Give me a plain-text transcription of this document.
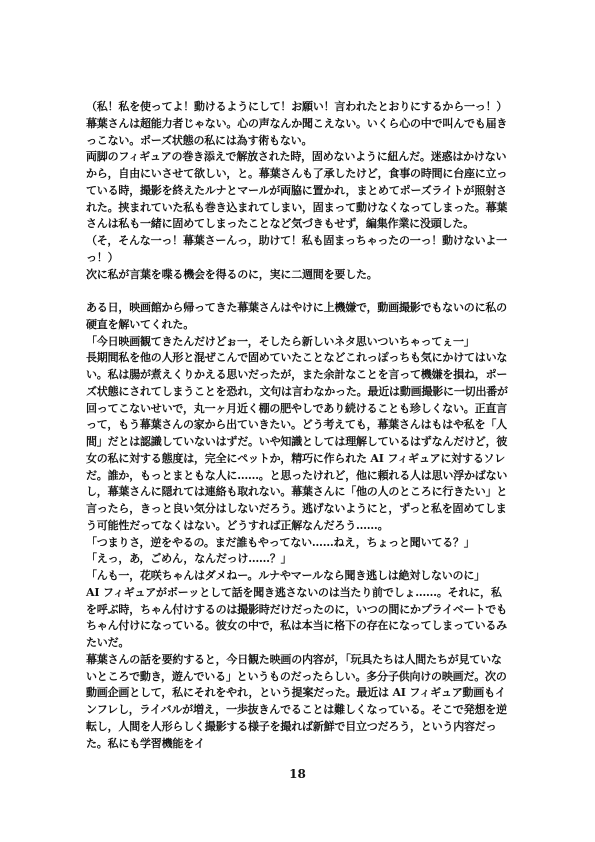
（私！私を使ってよ！動けるようにして！お願い！言われたとおりにするから一っ！）

幕葉さんは超能力者じゃない。心の声なんか聞こえない。いくら心の中で叫んでも届きっこない。ポーズ状態の私には為す術もない。

両脚のフィギュアの巻き添えで解放された時，固めないように紐んだ。迷惑はかけないから，自由にいさせて欲しい，と。幕葉さんも了承したけど，食事の時間に台座に立っている時，撮影を終えたルナとマールが両脇に置かれ，まとめてポーズライトが照射された。挟まれていた私も巻き込まれてしまい，固まって動けなくなってしまった。幕葉さんは私も一緒に固めてしまったことなど気づきもせず，編集作業に没頭した。

（そ，そんな一っ！幕葉さーんっ，助けて！私も固まっちゃったの一っ！動けないよ一っ！）

次に私が言葉を喋る機会を得るのに，実に二週間を要した。

ある日，映画館から帰ってきた幕葉さんはやけに上機嫌で，動画撮影でもないのに私の硬直を解いてくれた。

「今日映画観てきたんだけどぉ一，そしたら新しいネタ思いついちゃってぇ一」

長期間私を他の人形と混ぜこんで固めていたことなどこれっぽっちも気にかけてはいない。私は腸が煮えくりかえる思いだったが，また余計なことを言って機嫌を損ね，ポーズ状態にされてしまうことを恐れ，文句は言わなかった。最近は動画撮影に一切出番が回ってこないせいで，丸一ヶ月近く棚の肥やしであり続けることも珍しくない。正直言って，もう幕葉さんの家から出ていきたい。どう考えても，幕葉さんはもはや私を「人間」だとは認識していないはずだ。いや知識としては理解しているはずなんだけど，彼女の私に対する態度は，完全にペットか，精巧に作られた AI フィギュアに対するソレだ。誰か，もっとまともな人に……。と思ったけれど，他に頼れる人は思い浮かばないし，幕葉さんに隠れては連絡も取れない。幕葉さんに「他の人のところに行きたい」と言ったら，きっと良い気分はしないだろう。逃げないようにと，ずっと私を固めてしまう可能性だってなくはない。どうすれば正解なんだろう……。

「つまりさ，逆をやるの。まだ誰もやってない……ねえ，ちょっと聞いてる？」

「えっ，あ，ごめん，なんだっけ……？」

「んも一，花咲ちゃんはダメねー。ルナやマールなら聞き逃しは絶対しないのに」

AI フィギュアがボーッとして話を聞き逃さないのは当たり前でしょ……。それに，私を呼ぶ時，ちゃん付けするのは撮影時だけだったのに，いつの間にかプライベートでもちゃん付けになっている。彼女の中で，私は本当に格下の存在になってしまっているみたいだ。

幕葉さんの話を要約すると，今日観た映画の内容が，「玩具たちは人間たちが見ていないところで動き，遊んでいる」というものだったらしい。多分子供向けの映画だ。次の動画企画として，私にそれをやれ，という提案だった。最近は AI フィギュア動画もインフレし，ライバルが増え，一歩抜きんでることは難しくなっている。そこで発想を逆転し，人間を人形らしく撮影する様子を撮れば新鮮で目立つだろう，という内容だった。私にも学習機能をイ

18
